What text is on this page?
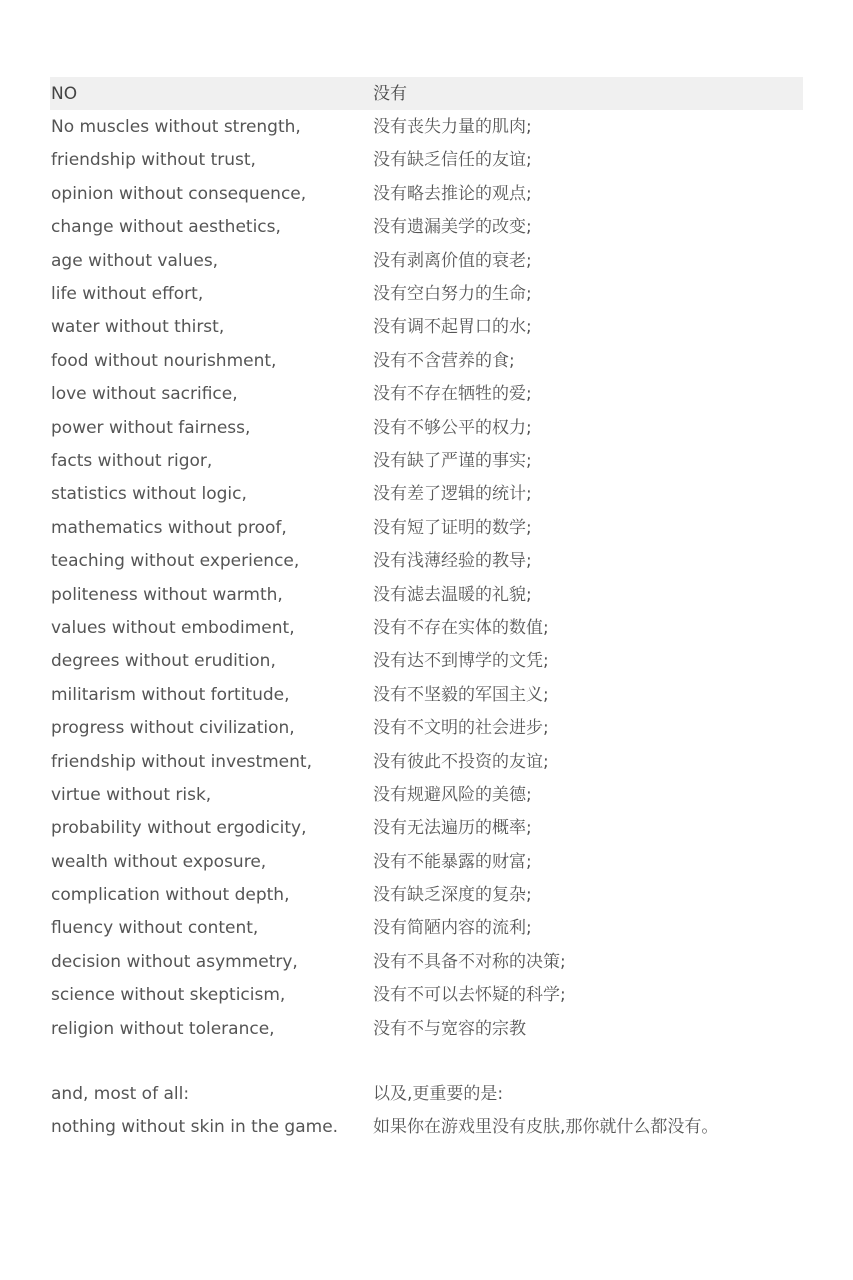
NO	没有
No muscles without strength,	没有丧失力量的肌肉;
friendship without trust,	没有缺乏信任的友谊;
opinion without consequence,	没有略去推论的观点;
change without aesthetics,	没有遗漏美学的改变;
age without values,	没有剥离价值的衰老;
life without effort,	没有空白努力的生命;
water without thirst,	没有调不起胃口的水;
food without nourishment,	没有不含营养的食;
love without sacrifice,	没有不存在牺牲的爱;
power without fairness,	没有不够公平的权力;
facts without rigor,	没有缺了严谨的事实;
statistics without logic,	没有差了逻辑的统计;
mathematics without proof,	没有短了证明的数学;
teaching without experience,	没有浅薄经验的教导;
politeness without warmth,	没有滤去温暖的礼貌;
values without embodiment,	没有不存在实体的数值;
degrees without erudition,	没有达不到博学的文凭;
militarism without fortitude,	没有不坚毅的军国主义;
progress without civilization,	没有不文明的社会进步;
friendship without investment,	没有彼此不投资的友谊;
virtue without risk,	没有规避风险的美德;
probability without ergodicity,	没有无法遍历的概率;
wealth without exposure,	没有不能暴露的财富;
complication without depth,	没有缺乏深度的复杂;
fluency without content,	没有简陋内容的流利;
decision without asymmetry,	没有不具备不对称的决策;
science without skepticism,	没有不可以去怀疑的科学;
religion without tolerance,	没有不与宽容的宗教
and, most of all:	以及,更重要的是:
nothing without skin in the game.	如果你在游戏里没有皮肤,那你就什么都没有。
